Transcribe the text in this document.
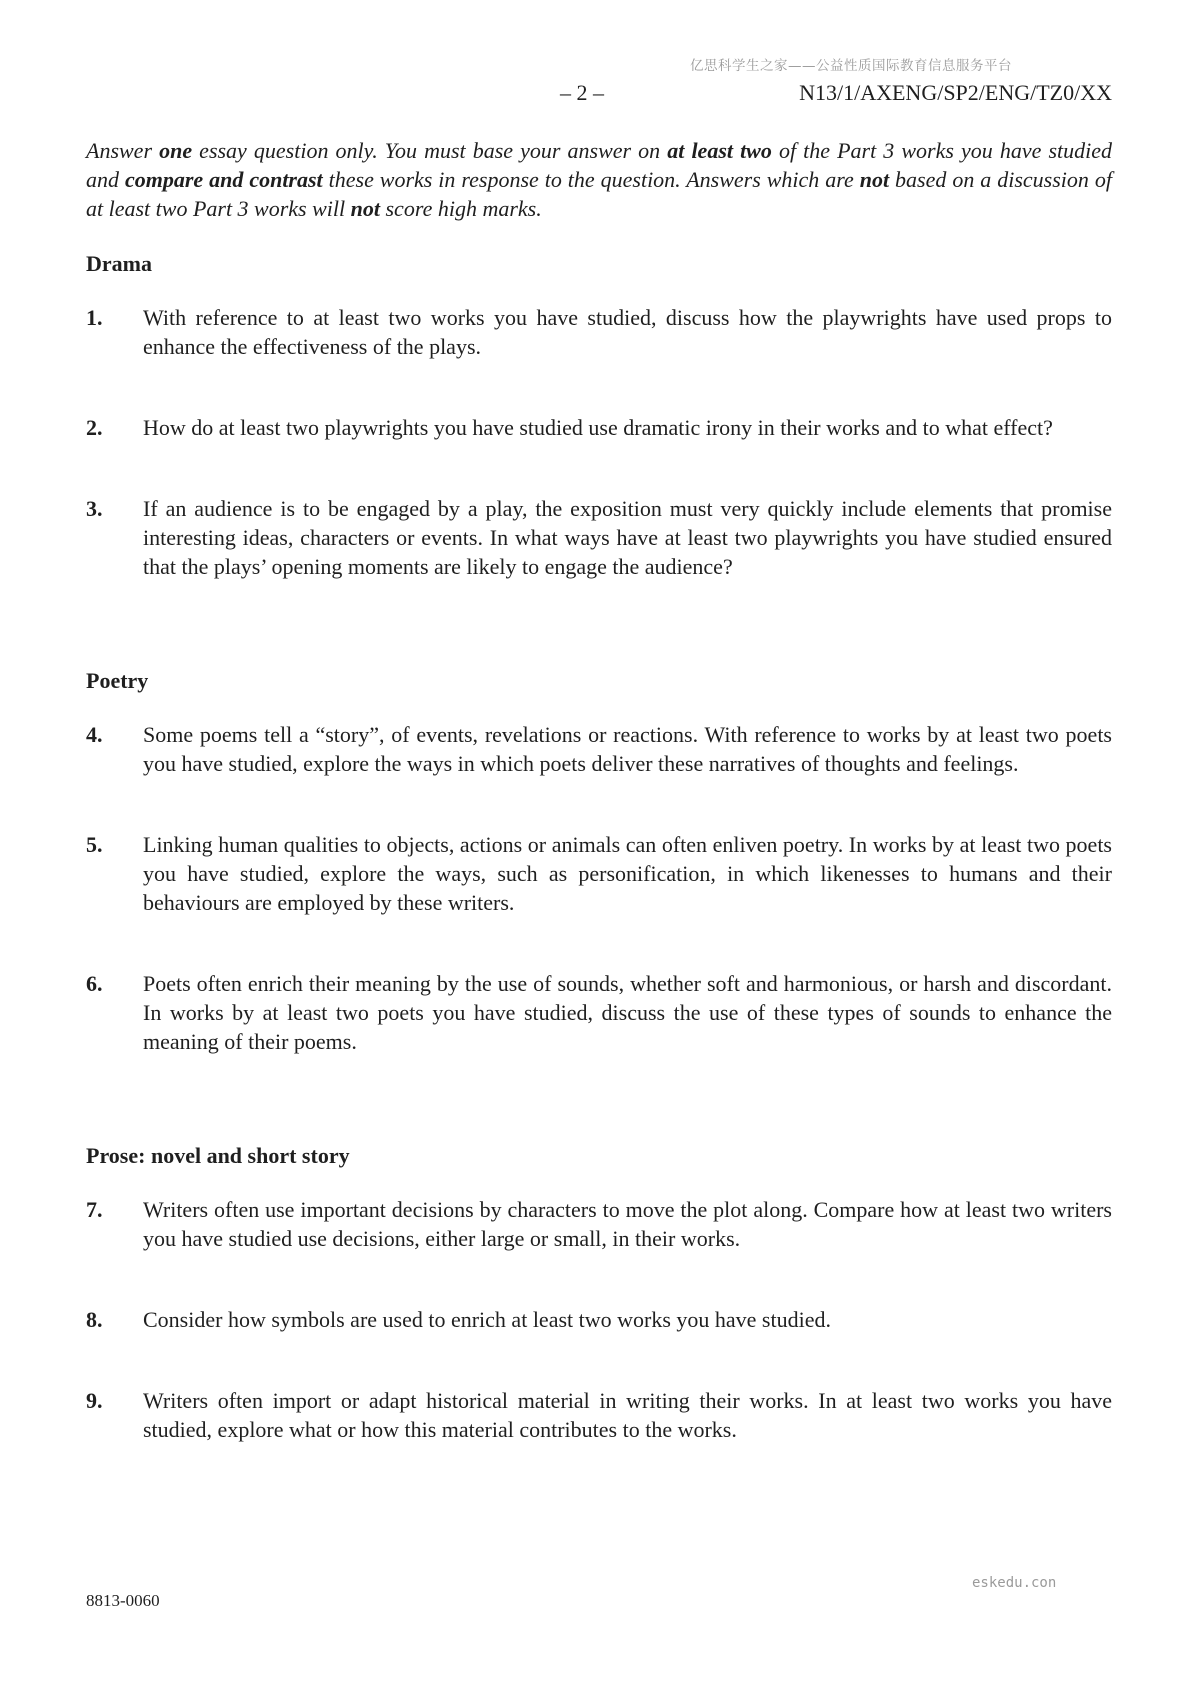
亿思科学生之家——公益性质国际教育信息服务平台
– 2 –	N13/1/AXENG/SP2/ENG/TZ0/XX

Answer one essay question only. You must base your answer on at least two of the Part 3 works you have studied and compare and contrast these works in response to the question. Answers which are not based on a discussion of at least two Part 3 works will not score high marks.

Drama

1.	With reference to at least two works you have studied, discuss how the playwrights have used props to enhance the effectiveness of the plays.
2.	How do at least two playwrights you have studied use dramatic irony in their works and to what effect?
3.	If an audience is to be engaged by a play, the exposition must very quickly include elements that promise interesting ideas, characters or events. In what ways have at least two playwrights you have studied ensured that the plays’ opening moments are likely to engage the audience?

Poetry

4.	Some poems tell a “story”, of events, revelations or reactions. With reference to works by at least two poets you have studied, explore the ways in which poets deliver these narratives of thoughts and feelings.
5.	Linking human qualities to objects, actions or animals can often enliven poetry. In works by at least two poets you have studied, explore the ways, such as personification, in which likenesses to humans and their behaviours are employed by these writers.
6.	Poets often enrich their meaning by the use of sounds, whether soft and harmonious, or harsh and discordant. In works by at least two poets you have studied, discuss the use of these types of sounds to enhance the meaning of their poems.

Prose: novel and short story

7.	Writers often use important decisions by characters to move the plot along. Compare how at least two writers you have studied use decisions, either large or small, in their works.
8.	Consider how symbols are used to enrich at least two works you have studied.
9.	Writers often import or adapt historical material in writing their works. In at least two works you have studied, explore what or how this material contributes to the works.
eskedu.con
8813-0060
